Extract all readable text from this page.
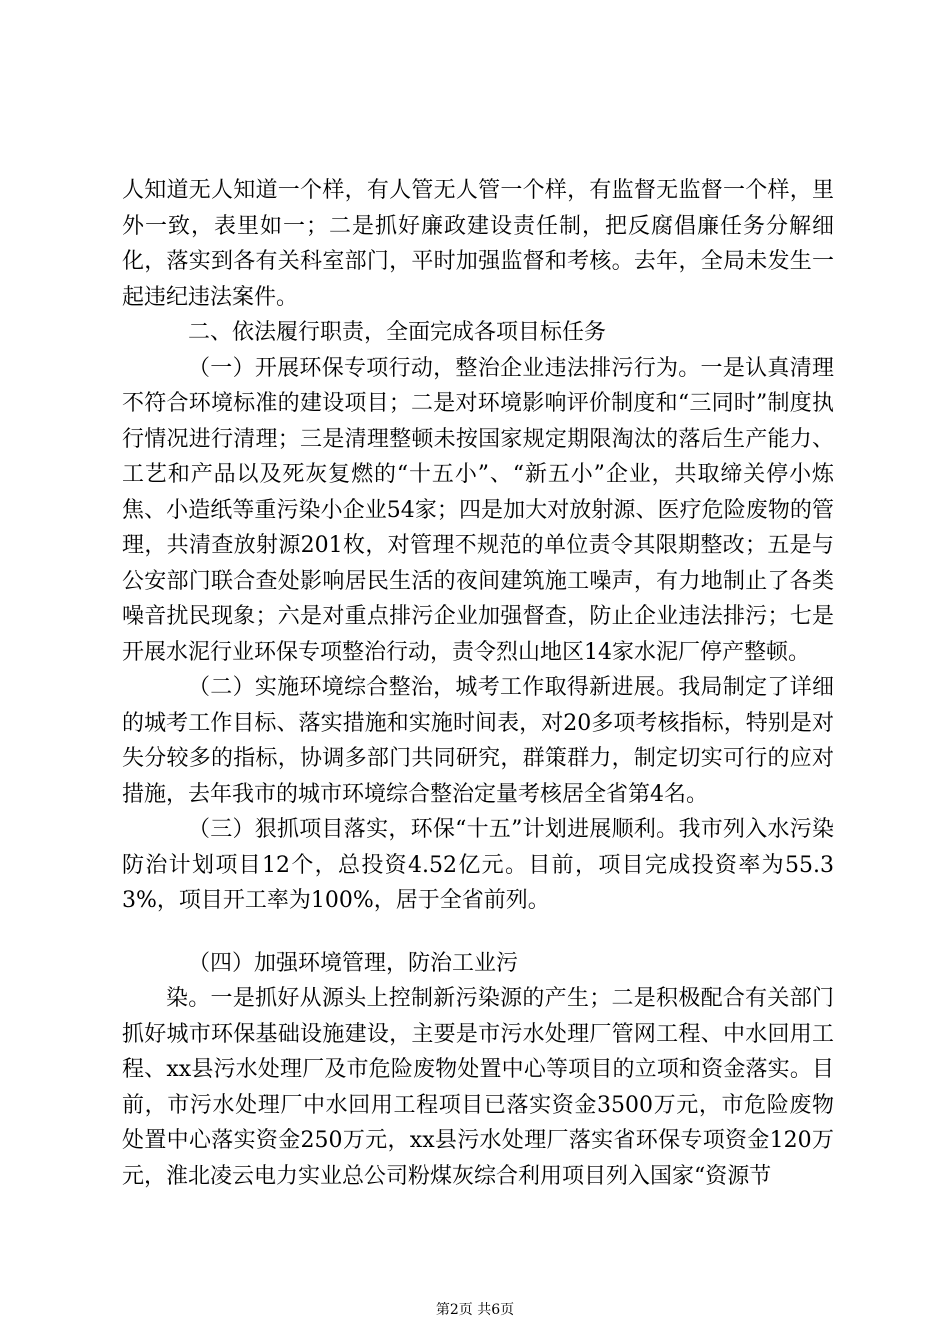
人知道无人知道一个样，有人管无人管一个样，有监督无监督一个样，里外一致，表里如一；二是抓好廉政建设责任制，把反腐倡廉任务分解细化，落实到各有关科室部门，平时加强监督和考核。去年，全局未发生一起违纪违法案件。

二、依法履行职责，全面完成各项目标任务

（一）开展环保专项行动，整治企业违法排污行为。一是认真清理不符合环境标准的建设项目；二是对环境影响评价制度和“三同时”制度执行情况进行清理；三是清理整顿未按国家规定期限淘汰的落后生产能力、工艺和产品以及死灰复燃的“十五小”、“新五小”企业，共取缔关停小炼焦、小造纸等重污染小企业54家；四是加大对放射源、医疗危险废物的管理，共清查放射源201枚，对管理不规范的单位责令其限期整改；五是与公安部门联合查处影响居民生活的夜间建筑施工噪声，有力地制止了各类噪音扰民现象；六是对重点排污企业加强督查，防止企业违法排污；七是开展水泥行业环保专项整治行动，责令烈山地区14家水泥厂停产整顿。

（二）实施环境综合整治，城考工作取得新进展。我局制定了详细的城考工作目标、落实措施和实施时间表，对20多项考核指标，特别是对失分较多的指标，协调多部门共同研究，群策群力，制定切实可行的应对措施，去年我市的城市环境综合整治定量考核居全省第4名。

（三）狠抓项目落实，环保“十五”计划进展顺利。我市列入水污染防治计划项目12个，总投资4.52亿元。目前，项目完成投资率为55.33%，项目开工率为100%，居于全省前列。

（四）加强环境管理，防治工业污

染。一是抓好从源头上控制新污染源的产生；二是积极配合有关部门抓好城市环保基础设施建设，主要是市污水处理厂管网工程、中水回用工程、xx县污水处理厂及市危险废物处置中心等项目的立项和资金落实。目前，市污水处理厂中水回用工程项目已落实资金3500万元，市危险废物处置中心落实资金250万元，xx县污水处理厂落实省环保专项资金120万元，淮北凌云电力实业总公司粉煤灰综合利用项目列入国家“资源节

第2页 共6页
